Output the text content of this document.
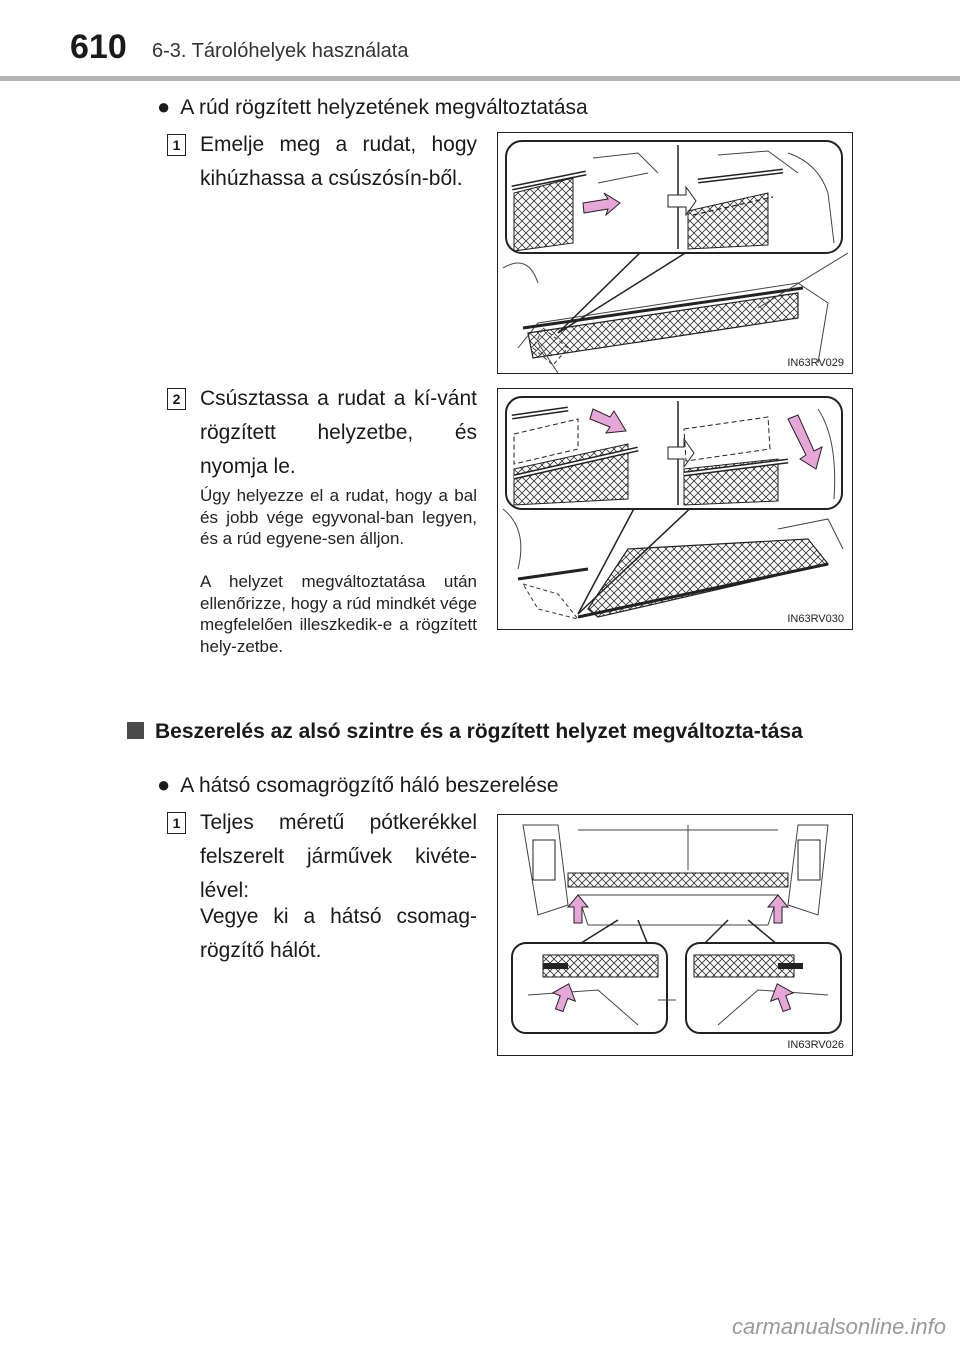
610 6-3. Tárolóhelyek használata
● A rúd rögzített helyzetének megváltoztatása
1 Emelje meg a rudat, hogy kihúzhassa a csúszósín-ből.
IN63RV029
2 Csúsztassa a rudat a kí-vánt rögzített helyzetbe, és nyomja le.
Úgy helyezze el a rudat, hogy a bal és jobb vége egyvonal-ban legyen, és a rúd egyene-sen álljon.
A helyzet megváltoztatása után ellenőrizze, hogy a rúd mindkét vége megfelelően illeszkedik-e a rögzített hely-zetbe.
IN63RV030
Beszerelés az alsó szintre és a rögzített helyzet megváltozta-tása
● A hátsó csomagrögzítő háló beszerelése
1 Teljes méretű pótkerékkel felszerelt járművek kivéte-lével:
Vegye ki a hátsó csomag-rögzítő hálót.
IN63RV026
carmanualsonline.info
